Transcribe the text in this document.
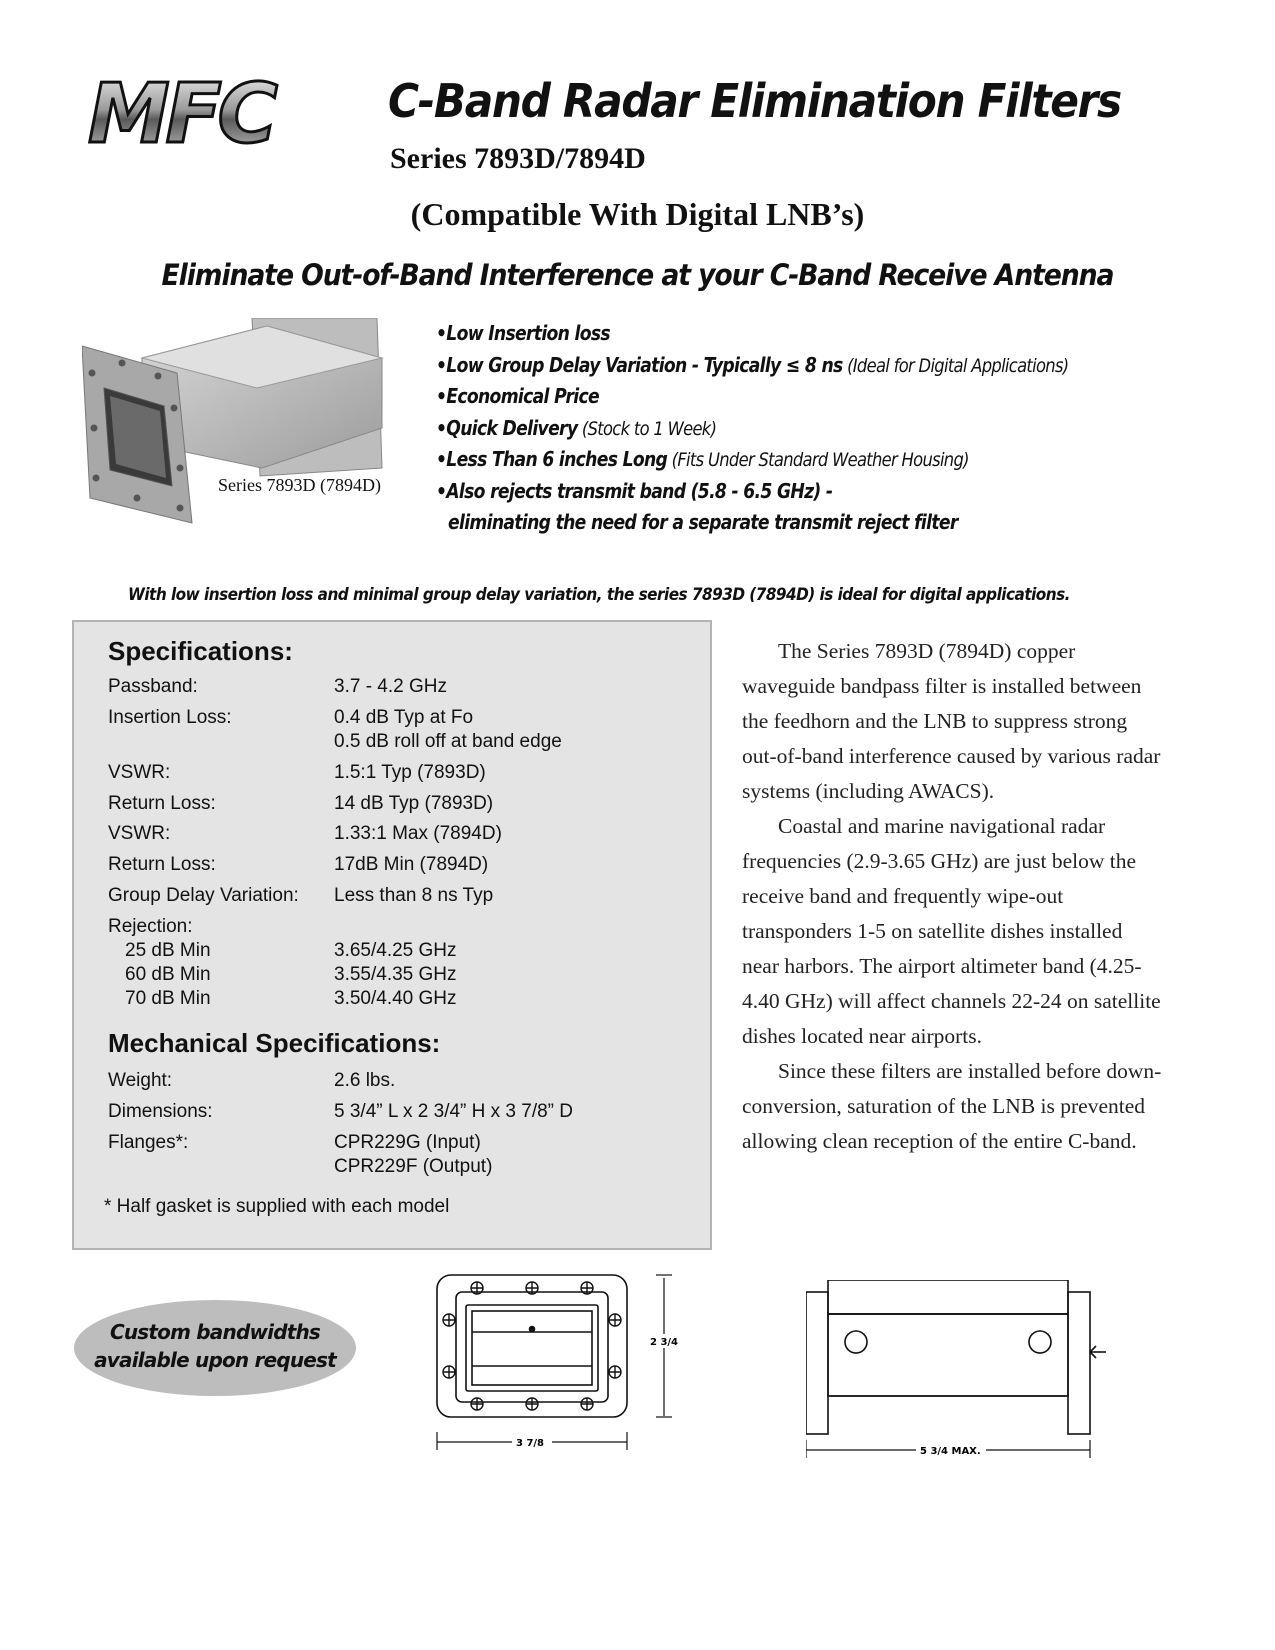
MFC C-Band Radar Elimination Filters
Series 7893D/7894D
(Compatible With Digital LNB’s)
Eliminate Out-of-Band Interference at your C-Band Receive Antenna
Series 7893D (7894D)
•Low Insertion loss
•Low Group Delay Variation - Typically ≤ 8 ns (Ideal for Digital Applications)
•Economical Price
•Quick Delivery (Stock to 1 Week)
•Less Than 6 inches Long (Fits Under Standard Weather Housing)
•Also rejects transmit band (5.8 - 6.5 GHz) -
eliminating the need for a separate transmit reject filter
With low insertion loss and minimal group delay variation, the series 7893D (7894D) is ideal for digital applications.
Specifications:
Passband:	3.7 - 4.2 GHz
Insertion Loss:	0.4 dB Typ at Fo
0.5 dB roll off at band edge
VSWR:	1.5:1 Typ (7893D)
Return Loss:	14 dB Typ (7893D)
VSWR:	1.33:1 Max (7894D)
Return Loss:	17dB Min (7894D)
Group Delay Variation: Less than 8 ns Typ
Rejection:
25 dB Min	3.65/4.25 GHz
60 dB Min	3.55/4.35 GHz
70 dB Min	3.50/4.40 GHz
Mechanical Specifications:
Weight:	2.6 lbs.
Dimensions:	5 3/4” L x 2 3/4” H x 3 7/8” D
Flanges*:	CPR229G (Input)
CPR229F (Output)
* Half gasket is supplied with each model

The Series 7893D (7894D) copper waveguide bandpass filter is installed between the feedhorn and the LNB to suppress strong out-of-band interference caused by various radar systems (including AWACS).

Coastal and marine navigational radar frequencies (2.9-3.65 GHz) are just below the receive band and frequently wipe-out transponders 1-5 on satellite dishes installed near harbors. The airport altimeter band (4.25-4.40 GHz) will affect channels 22-24 on satellite dishes located near airports.

Since these filters are installed before down-conversion, saturation of the LNB is prevented allowing clean reception of the entire C-band.

Custom bandwidths
available upon request
2 3/4
3 7/8
5 3/4 MAX.
